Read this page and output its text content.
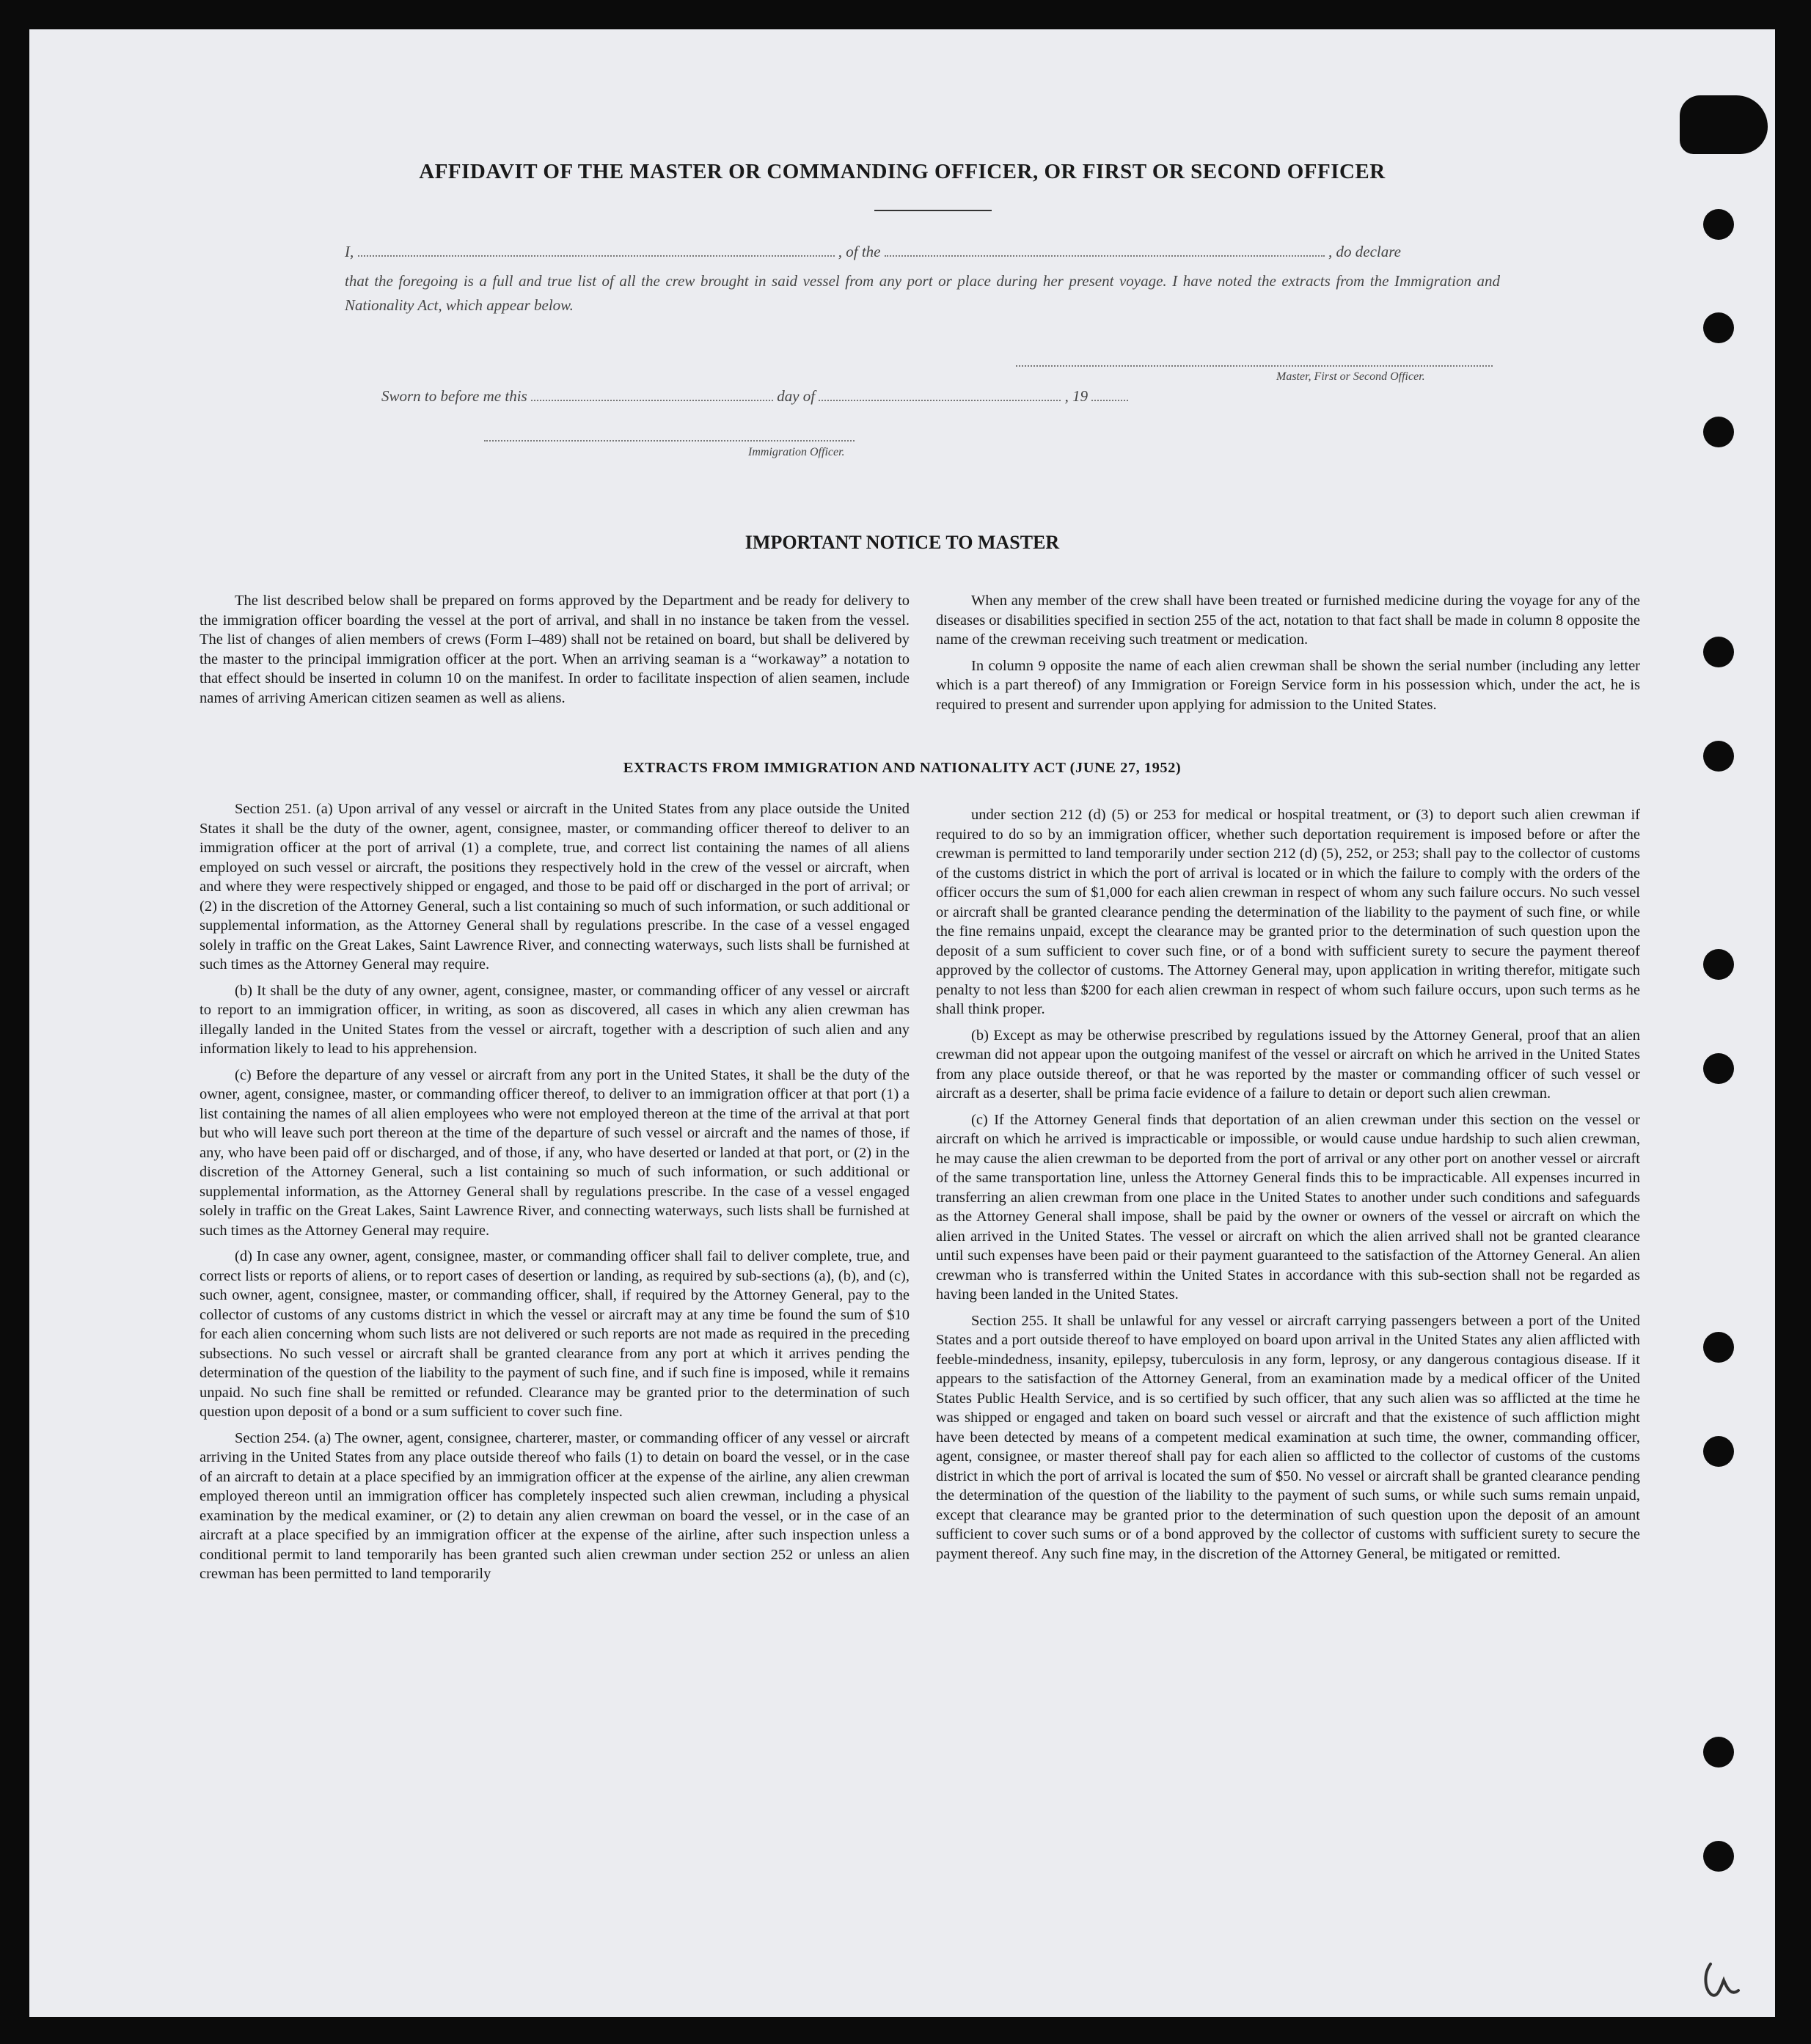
AFFIDAVIT OF THE MASTER OR COMMANDING OFFICER, OR FIRST OR SECOND OFFICER
I,	, of the	, do declare
that the foregoing is a full and true list of all the crew brought in said vessel from any port or place during her present voyage. I have noted the extracts from the Immigration and Nationality Act, which appear below.
Master, First or Second Officer.
Sworn to before me this	day of	, 19
Immigration Officer.
IMPORTANT NOTICE TO MASTER

The list described below shall be prepared on forms approved by the Department and be ready for delivery to the immigration officer boarding the vessel at the port of arrival, and shall in no instance be taken from the vessel. The list of changes of alien members of crews (Form I–489) shall not be retained on board, but shall be delivered by the master to the principal immigration officer at the port. When an arriving seaman is a “workaway” a notation to that effect should be inserted in column 10 on the manifest. In order to facilitate inspection of alien seamen, include names of arriving American citizen seamen as well as aliens.

When any member of the crew shall have been treated or furnished medicine during the voyage for any of the diseases or disabilities specified in section 255 of the act, notation to that fact shall be made in column 8 opposite the name of the crewman receiving such treatment or medication.

In column 9 opposite the name of each alien crewman shall be shown the serial number (including any letter which is a part thereof) of any Immigration or Foreign Service form in his possession which, under the act, he is required to present and surrender upon applying for admission to the United States.

EXTRACTS FROM IMMIGRATION AND NATIONALITY ACT (JUNE 27, 1952)

Section 251. (a) Upon arrival of any vessel or aircraft in the United States from any place outside the United States it shall be the duty of the owner, agent, consignee, master, or commanding officer thereof to deliver to an immigration officer at the port of arrival (1) a complete, true, and correct list containing the names of all aliens employed on such vessel or aircraft, the positions they respectively hold in the crew of the vessel or aircraft, when and where they were respectively shipped or engaged, and those to be paid off or discharged in the port of arrival; or (2) in the discretion of the Attorney General, such a list containing so much of such information, or such additional or supplemental information, as the Attorney General shall by regulations prescribe. In the case of a vessel engaged solely in traffic on the Great Lakes, Saint Lawrence River, and connecting waterways, such lists shall be furnished at such times as the Attorney General may require.

(b) It shall be the duty of any owner, agent, consignee, master, or commanding officer of any vessel or aircraft to report to an immigration officer, in writing, as soon as discovered, all cases in which any alien crewman has illegally landed in the United States from the vessel or aircraft, together with a description of such alien and any information likely to lead to his apprehension.

(c) Before the departure of any vessel or aircraft from any port in the United States, it shall be the duty of the owner, agent, consignee, master, or commanding officer thereof, to deliver to an immigration officer at that port (1) a list containing the names of all alien employees who were not employed thereon at the time of the arrival at that port but who will leave such port thereon at the time of the departure of such vessel or aircraft and the names of those, if any, who have been paid off or discharged, and of those, if any, who have deserted or landed at that port, or (2) in the discretion of the Attorney General, such a list containing so much of such information, or such additional or supplemental information, as the Attorney General shall by regulations prescribe. In the case of a vessel engaged solely in traffic on the Great Lakes, Saint Lawrence River, and connecting waterways, such lists shall be furnished at such times as the Attorney General may require.

(d) In case any owner, agent, consignee, master, or commanding officer shall fail to deliver complete, true, and correct lists or reports of aliens, or to report cases of desertion or landing, as required by sub-sections (a), (b), and (c), such owner, agent, consignee, master, or commanding officer, shall, if required by the Attorney General, pay to the collector of customs of any customs district in which the vessel or aircraft may at any time be found the sum of $10 for each alien concerning whom such lists are not delivered or such reports are not made as required in the preceding subsections. No such vessel or aircraft shall be granted clearance from any port at which it arrives pending the determination of the question of the liability to the payment of such fine, and if such fine is imposed, while it remains unpaid. No such fine shall be remitted or refunded. Clearance may be granted prior to the determination of such question upon deposit of a bond or a sum sufficient to cover such fine.

Section 254. (a) The owner, agent, consignee, charterer, master, or commanding officer of any vessel or aircraft arriving in the United States from any place outside thereof who fails (1) to detain on board the vessel, or in the case of an aircraft to detain at a place specified by an immigration officer at the expense of the airline, any alien crewman employed thereon until an immigration officer has completely inspected such alien crewman, including a physical examination by the medical examiner, or (2) to detain any alien crewman on board the vessel, or in the case of an aircraft at a place specified by an immigration officer at the expense of the airline, after such inspection unless a conditional permit to land temporarily has been granted such alien crewman under section 252 or unless an alien crewman has been permitted to land temporarily

under section 212 (d) (5) or 253 for medical or hospital treatment, or (3) to deport such alien crewman if required to do so by an immigration officer, whether such deportation requirement is imposed before or after the crewman is permitted to land temporarily under section 212 (d) (5), 252, or 253; shall pay to the collector of customs of the customs district in which the port of arrival is located or in which the failure to comply with the orders of the officer occurs the sum of $1,000 for each alien crewman in respect of whom any such failure occurs. No such vessel or aircraft shall be granted clearance pending the determination of the liability to the payment of such fine, or while the fine remains unpaid, except the clearance may be granted prior to the determination of such question upon the deposit of a sum sufficient to cover such fine, or of a bond with sufficient surety to secure the payment thereof approved by the collector of customs. The Attorney General may, upon application in writing therefor, mitigate such penalty to not less than $200 for each alien crewman in respect of whom such failure occurs, upon such terms as he shall think proper.

(b) Except as may be otherwise prescribed by regulations issued by the Attorney General, proof that an alien crewman did not appear upon the outgoing manifest of the vessel or aircraft on which he arrived in the United States from any place outside thereof, or that he was reported by the master or commanding officer of such vessel or aircraft as a deserter, shall be prima facie evidence of a failure to detain or deport such alien crewman.

(c) If the Attorney General finds that deportation of an alien crewman under this section on the vessel or aircraft on which he arrived is impracticable or impossible, or would cause undue hardship to such alien crewman, he may cause the alien crewman to be deported from the port of arrival or any other port on another vessel or aircraft of the same transportation line, unless the Attorney General finds this to be impracticable. All expenses incurred in transferring an alien crewman from one place in the United States to another under such conditions and safeguards as the Attorney General shall impose, shall be paid by the owner or owners of the vessel or aircraft on which the alien arrived in the United States. The vessel or aircraft on which the alien arrived shall not be granted clearance until such expenses have been paid or their payment guaranteed to the satisfaction of the Attorney General. An alien crewman who is transferred within the United States in accordance with this sub-section shall not be regarded as having been landed in the United States.

Section 255. It shall be unlawful for any vessel or aircraft carrying passengers between a port of the United States and a port outside thereof to have employed on board upon arrival in the United States any alien afflicted with feeble-mindedness, insanity, epilepsy, tuberculosis in any form, leprosy, or any dangerous contagious disease. If it appears to the satisfaction of the Attorney General, from an examination made by a medical officer of the United States Public Health Service, and is so certified by such officer, that any such alien was so afflicted at the time he was shipped or engaged and taken on board such vessel or aircraft and that the existence of such affliction might have been detected by means of a competent medical examination at such time, the owner, commanding officer, agent, consignee, or master thereof shall pay for each alien so afflicted to the collector of customs of the customs district in which the port of arrival is located the sum of $50. No vessel or aircraft shall be granted clearance pending the determination of the question of the liability to the payment of such sums, or while such sums remain unpaid, except that clearance may be granted prior to the determination of such question upon the deposit of an amount sufficient to cover such sums or of a bond approved by the collector of customs with sufficient surety to secure the payment thereof. Any such fine may, in the discretion of the Attorney General, be mitigated or remitted.
